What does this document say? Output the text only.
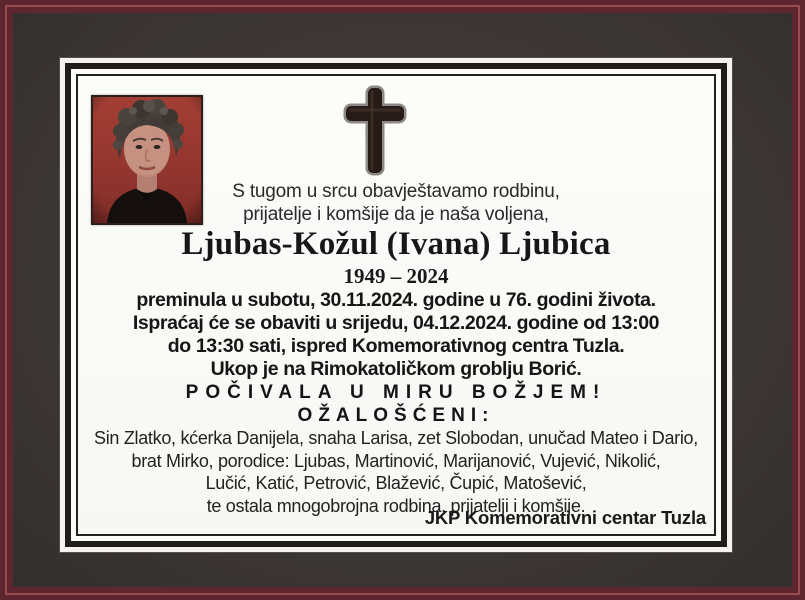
S tugom u srcu obavještavamo rodbinu,
prijatelje i komšije da je naša voljena,
Ljubas-Kožul (Ivana) Ljubica
1949 – 2024
preminula u subotu, 30.11.2024. godine u 76. godini života.
Ispraćaj će se obaviti u srijedu, 04.12.2024. godine od 13:00
do 13:30 sati, ispred Komemorativnog centra Tuzla.
Ukop je na Rimokatoličkom groblju Borić.
POČIVALA U MIRU BOŽJEM!
OŽALOŠĆENI:
Sin Zlatko, kćerka Danijela, snaha Larisa, zet Slobodan, unučad Mateo i Dario,
brat Mirko, porodice: Ljubas, Martinović, Marijanović, Vujević, Nikolić,
Lučić, Katić, Petrović, Blažević, Čupić, Matošević,
te ostala mnogobrojna rodbina, prijatelji i komšije.
JKP Komemorativni centar Tuzla
